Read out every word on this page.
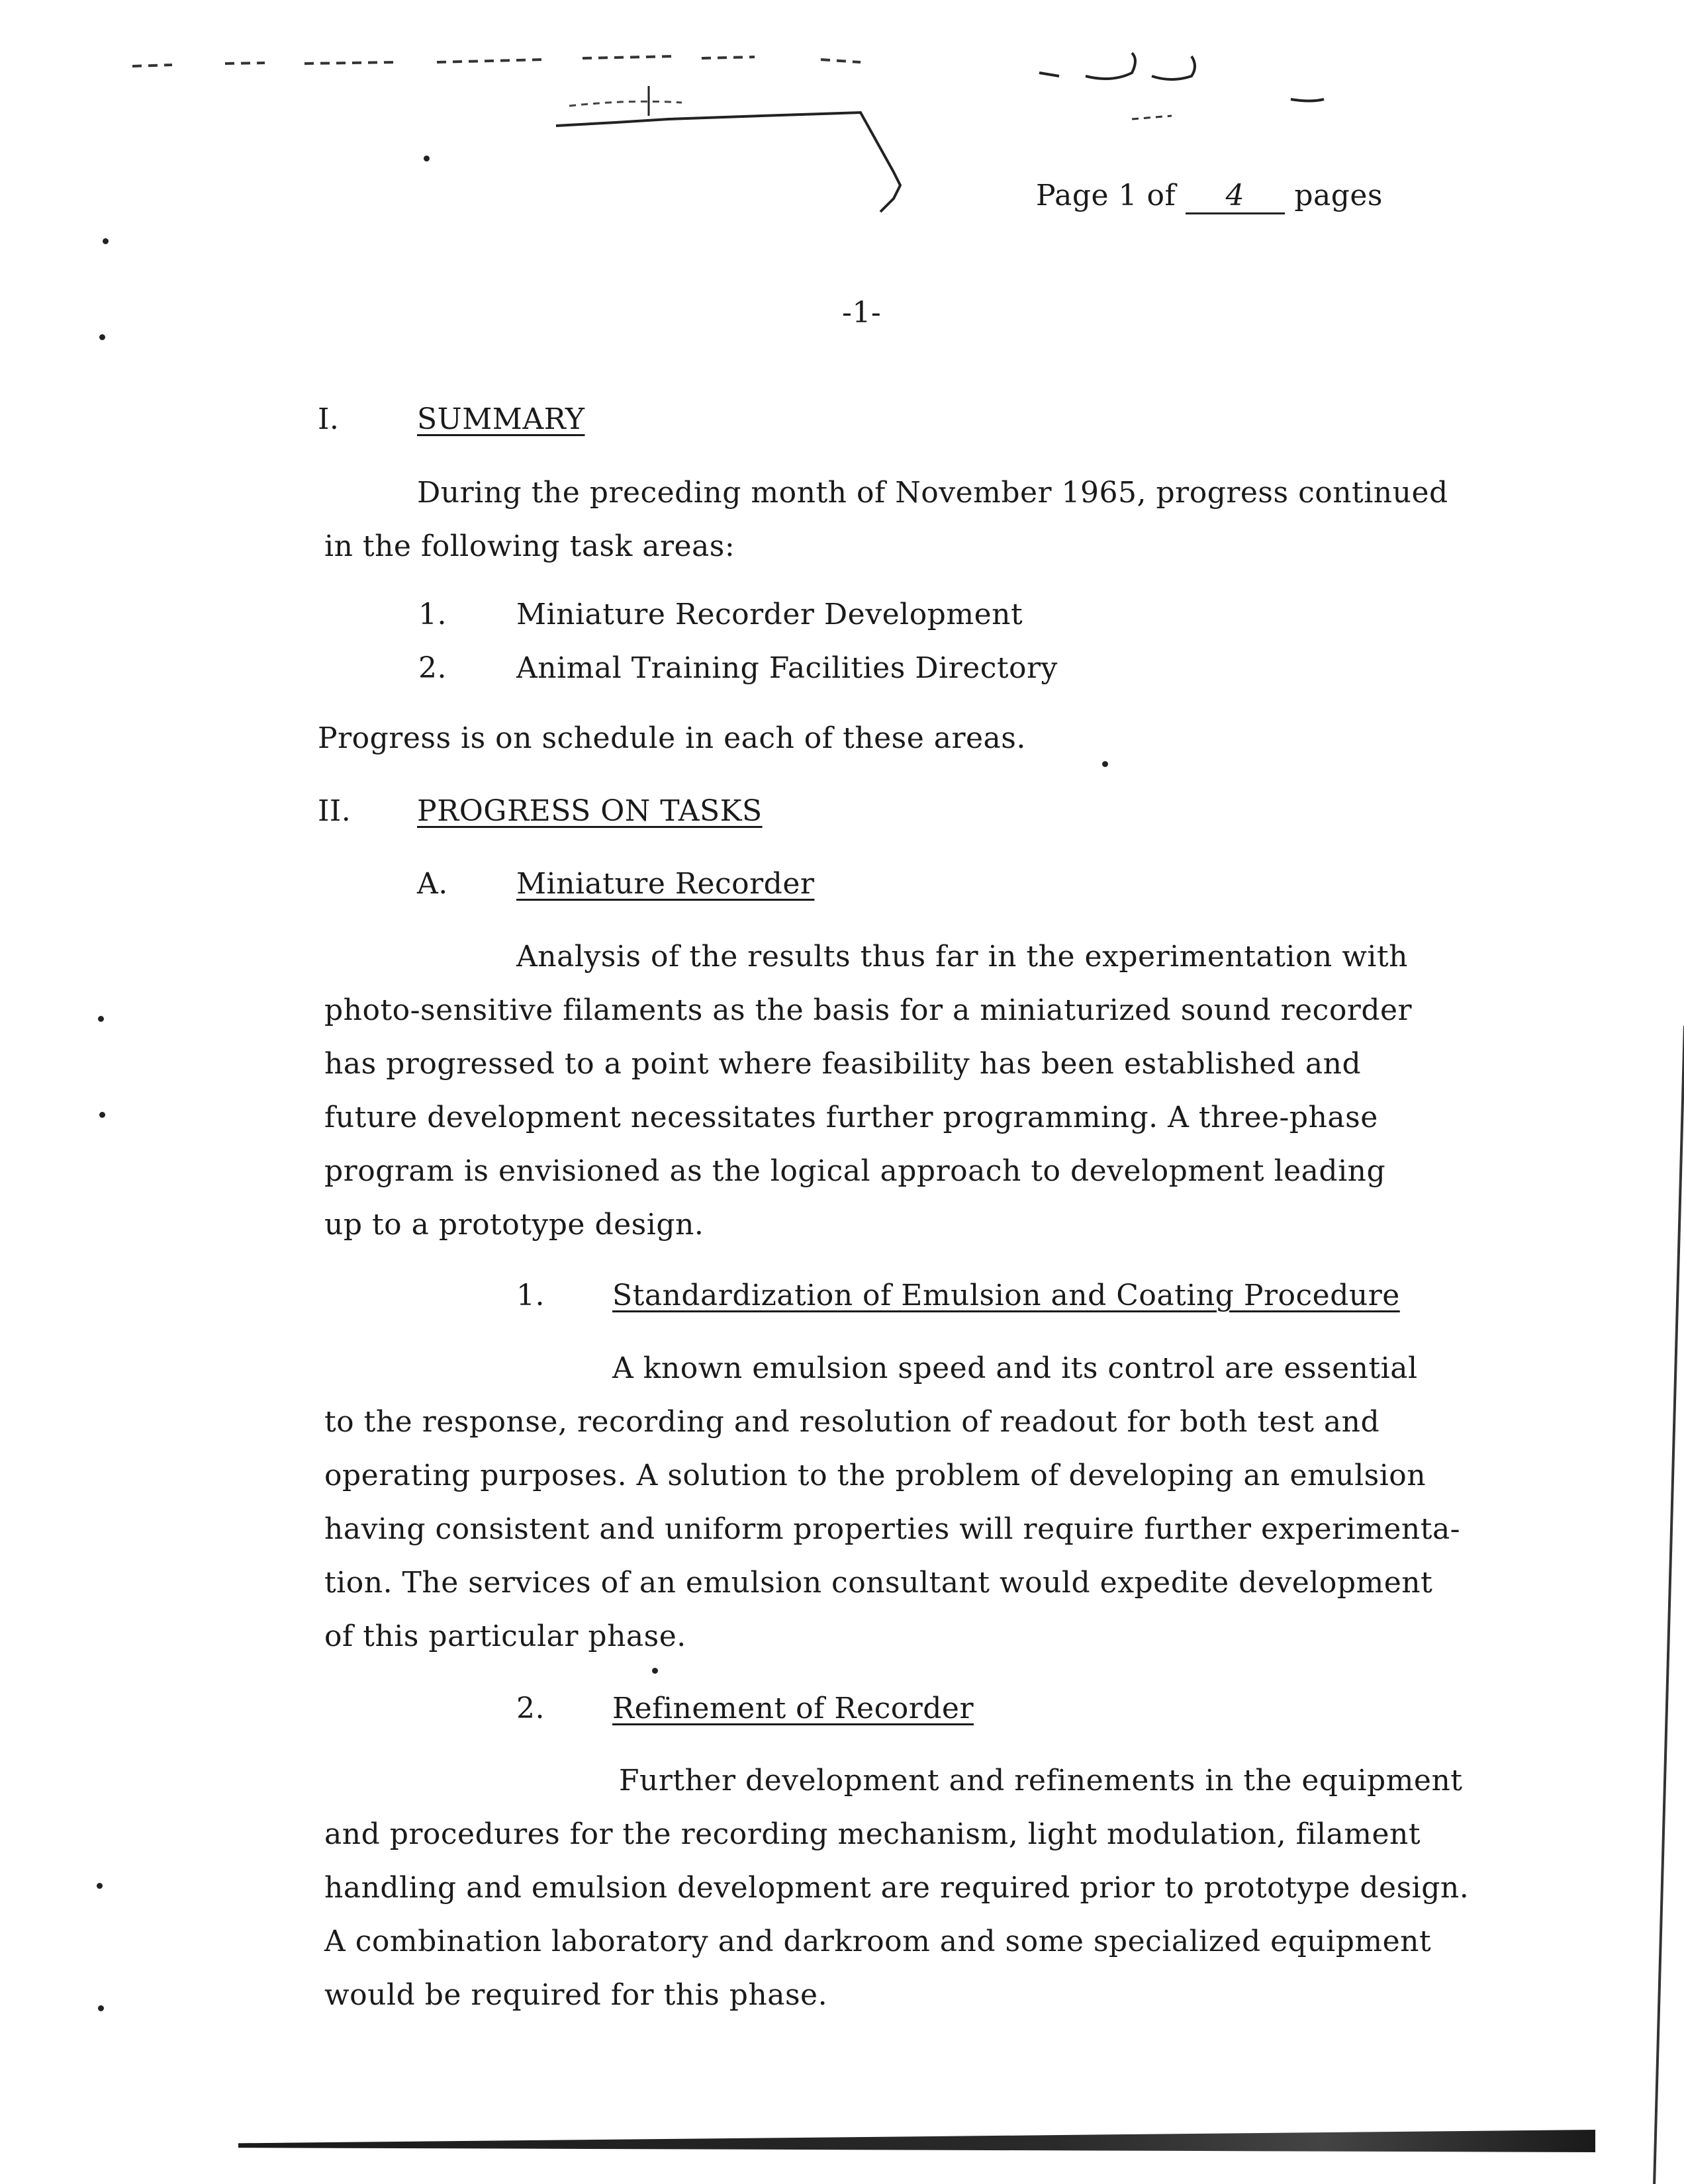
Page 1 of 4 pages
-1-
I.	SUMMARY
During the preceding month of November 1965, progress continued
in the following task areas:
1. Miniature Recorder Development
2. Animal Training Facilities Directory
Progress is on schedule in each of these areas.
II. PROGRESS ON TASKS
A. Miniature Recorder
Analysis of the results thus far in the experimentation with
photo-sensitive filaments as the basis for a miniaturized sound recorder
has progressed to a point where feasibility has been established and
future development necessitates further programming. A three-phase
program is envisioned as the logical approach to development leading
up to a prototype design.
1. Standardization of Emulsion and Coating Procedure
A known emulsion speed and its control are essential
to the response, recording and resolution of readout for both test and
operating purposes. A solution to the problem of developing an emulsion
having consistent and uniform properties will require further experimenta-
tion. The services of an emulsion consultant would expedite development
of this particular phase.
2. Refinement of Recorder
Further development and refinements in the equipment
and procedures for the recording mechanism, light modulation, filament
handling and emulsion development are required prior to prototype design.
A combination laboratory and darkroom and some specialized equipment
would be required for this phase.
